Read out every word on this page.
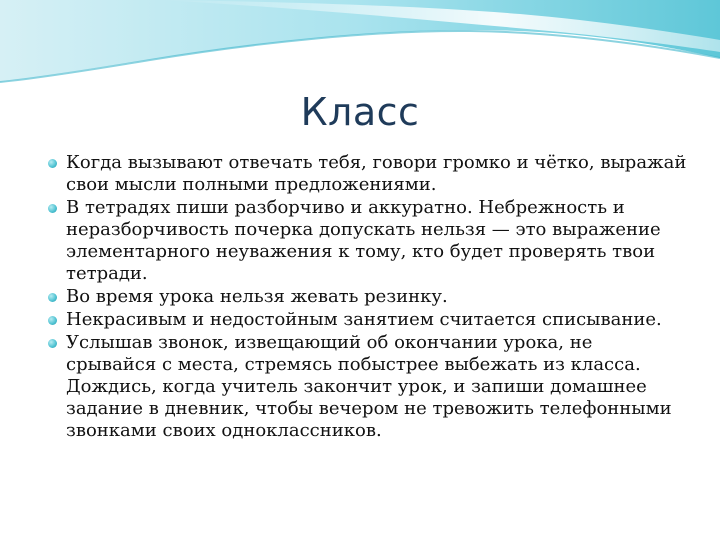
Класс
Когда вызывают отвечать тебя, говори громко и чётко, выражай свои мысли полными предложениями.
В тетрадях пиши разборчиво и аккуратно. Небрежность и неразборчивость почерка допускать нельзя — это выражение элементарного неуважения к тому, кто будет проверять твои тетради.
Во время урока нельзя жевать резинку.
Некрасивым и недостойным занятием считается списывание.
Услышав звонок, извещающий об окончании урока, не срывайся с места, стремясь побыстрее выбежать из класса. Дождись, когда учитель закончит урок, и запиши домашнее задание в дневник, чтобы вечером не тревожить телефонными звонками своих одноклассников.
